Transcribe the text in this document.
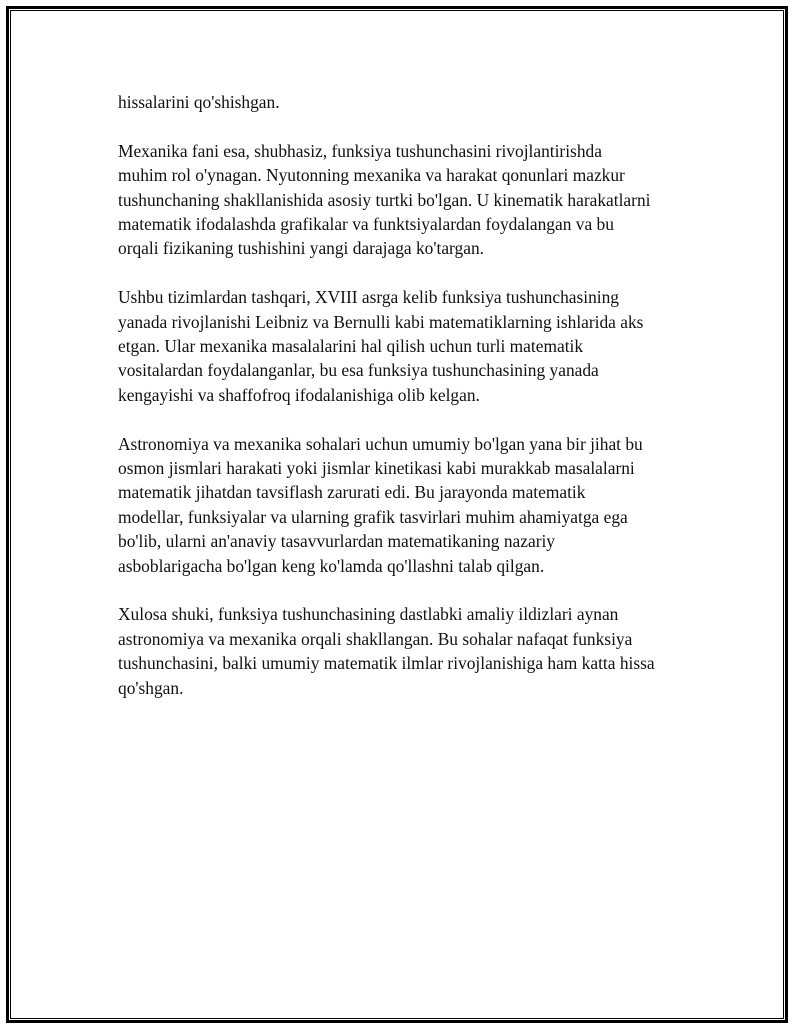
hissalarini qo'shishgan.

Mexanika fani esa, shubhasiz, funksiya tushunchasini rivojlantirishda
muhim rol o'ynagan. Nyutonning mexanika va harakat qonunlari mazkur
tushunchaning shakllanishida asosiy turtki bo'lgan. U kinematik harakatlarni
matematik ifodalashda grafikalar va funktsiyalardan foydalangan va bu
orqali fizikaning tushishini yangi darajaga ko'targan.

Ushbu tizimlardan tashqari, XVIII asrga kelib funksiya tushunchasining
yanada rivojlanishi Leibniz va Bernulli kabi matematiklarning ishlarida aks
etgan. Ular mexanika masalalarini hal qilish uchun turli matematik
vositalardan foydalanganlar, bu esa funksiya tushunchasining yanada
kengayishi va shaffofroq ifodalanishiga olib kelgan.

Astronomiya va mexanika sohalari uchun umumiy bo'lgan yana bir jihat bu
osmon jismlari harakati yoki jismlar kinetikasi kabi murakkab masalalarni
matematik jihatdan tavsiflash zarurati edi. Bu jarayonda matematik
modellar, funksiyalar va ularning grafik tasvirlari muhim ahamiyatga ega
bo'lib, ularni an'anaviy tasavvurlardan matematikaning nazariy
asboblarigacha bo'lgan keng ko'lamda qo'llashni talab qilgan.

Xulosa shuki, funksiya tushunchasining dastlabki amaliy ildizlari aynan
astronomiya va mexanika orqali shakllangan. Bu sohalar nafaqat funksiya
tushunchasini, balki umumiy matematik ilmlar rivojlanishiga ham katta hissa
qo'shgan.
